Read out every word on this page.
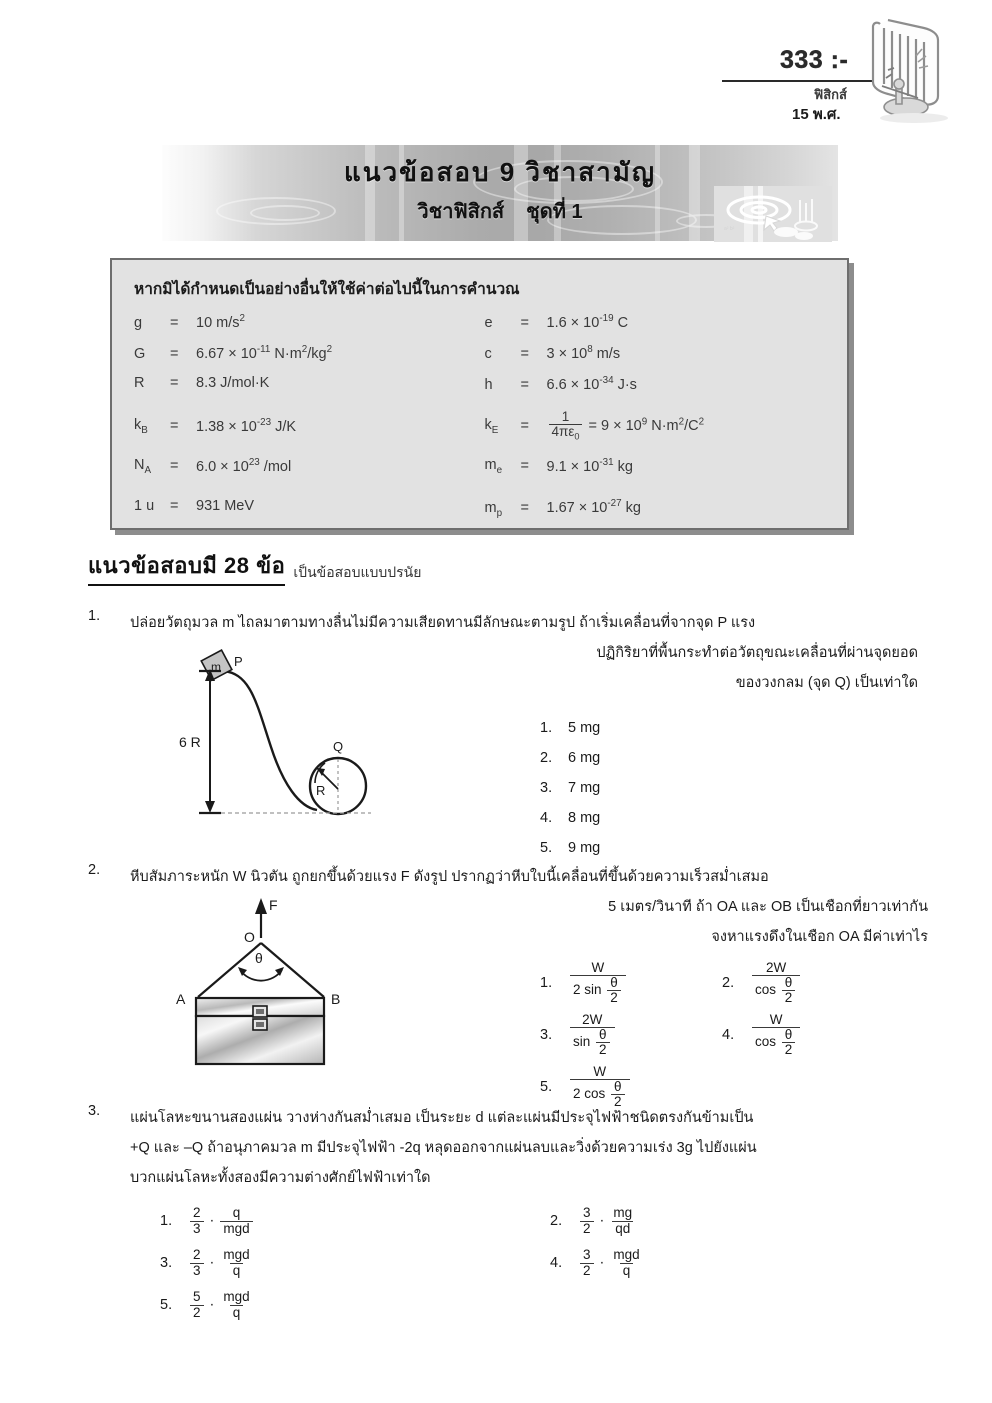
333 :-
ฟิสิกส์
15 พ.ศ.
แนวข้อสอบ 9 วิชาสามัญ
วิชาฟิสิกส์ ชุดที่ 1
a² b²
หากมิได้กำหนดเป็นอย่างอื่นให้ใช้ค่าต่อไปนี้ในการคำนวณ
g	=	10 $m/s^2$
G	=	$6.67 \times 10^{-11}$ $N\cdot m^2/kg^2$
R	=	8.3 J/mol·K
$k_B$	=	$1.38 \times 10^{-23}$ J/K
$N_A$	=	$6.0 \times 10^{23}$ /mol
1 u	=	931 MeV
e	=	$1.6 \times 10^{-19}$ C
c	=	$3 \times 10^8$ m/s
h	=	$6.6 \times 10^{-34}$ J·s
$k_E$	=	$\frac{1}{4\pi\varepsilon_0} = 9 \times 10^9$ $N\cdot m^2/C^2$
$m_e$	=	$9.1 \times 10^{-31}$ kg
$m_p$	=	$1.67 \times 10^{-27}$ kg
แนวข้อสอบมี 28 ข้อ เป็นข้อสอบแบบปรนัย
1.	ปล่อยวัตถุมวล m ไถลมาตามทางลื่นไม่มีความเสียดทานมีลักษณะตามรูป ถ้าเริ่มเคลื่อนที่จากจุด P แรง
ปฏิกิริยาที่พื้นกระทำต่อวัตถุขณะเคลื่อนที่ผ่านจุดยอด
ของวงกลม (จุด Q) เป็นเท่าใด
m P
Q
R
6 R
1.	5 mg
2.	6 mg
3.	7 mg
4.	8 mg
5.	9 mg
2.	หีบสัมภาระหนัก W นิวตัน ถูกยกขึ้นด้วยแรง F ดังรูป ปรากฏว่าหีบใบนี้เคลื่อนที่ขึ้นด้วยความเร็วสม่ำเสมอ
5 เมตร/วินาที ถ้า OA และ OB เป็นเชือกที่ยาวเท่ากัน
จงหาแรงดึงในเชือก OA มีค่าเท่าไร
F
O
θ
A	B
1.	$\frac{W}{2 \sin \frac{\theta}{2}}$	2.	$\frac{2W}{\cos \frac{\theta}{2}}$
3.	$\frac{2W}{\sin \frac{\theta}{2}}$	4.	$\frac{W}{\cos \frac{\theta}{2}}$
5.	$\frac{W}{2 \cos \frac{\theta}{2}}$
3.	แผ่นโลหะขนานสองแผ่น วางห่างกันสม่ำเสมอ เป็นระยะ d แต่ละแผ่นมีประจุไฟฟ้าชนิดตรงกันข้ามเป็น
+Q และ –Q ถ้าอนุภาคมวล m มีประจุไฟฟ้า -2q หลุดออกจากแผ่นลบและวิ่งด้วยความเร่ง 3g ไปยังแผ่น
บวกแผ่นโลหะทั้งสองมีความต่างศักย์ไฟฟ้าเท่าใด
1.	$\frac{2}{3} \cdot \frac{q}{\text{mgd}}$	2.	$\frac{3}{2} \cdot \frac{mg}{qd}$
3.	$\frac{2}{3} \cdot \frac{\text{mgd}}{q}$	4.	$\frac{3}{2} \cdot \frac{\text{mgd}}{q}$
5.	$\frac{5}{2} \cdot \frac{\text{mgd}}{q}$
